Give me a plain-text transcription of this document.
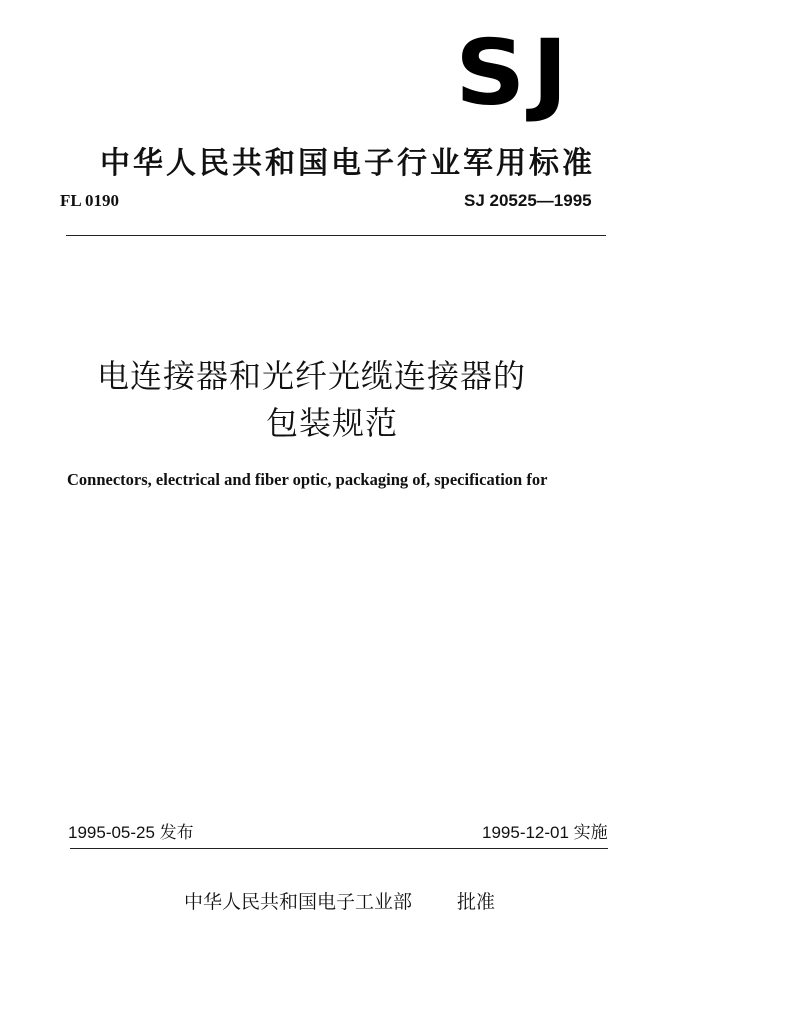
SJ
中华人民共和国电子行业军用标准
FL 0190	SJ 20525—1995
电连接器和光纤光缆连接器的
包装规范
Connectors, electrical and fiber optic, packaging of, specification for
1995-05-25 发布	1995-12-01 实施
中华人民共和国电子工业部 批准
